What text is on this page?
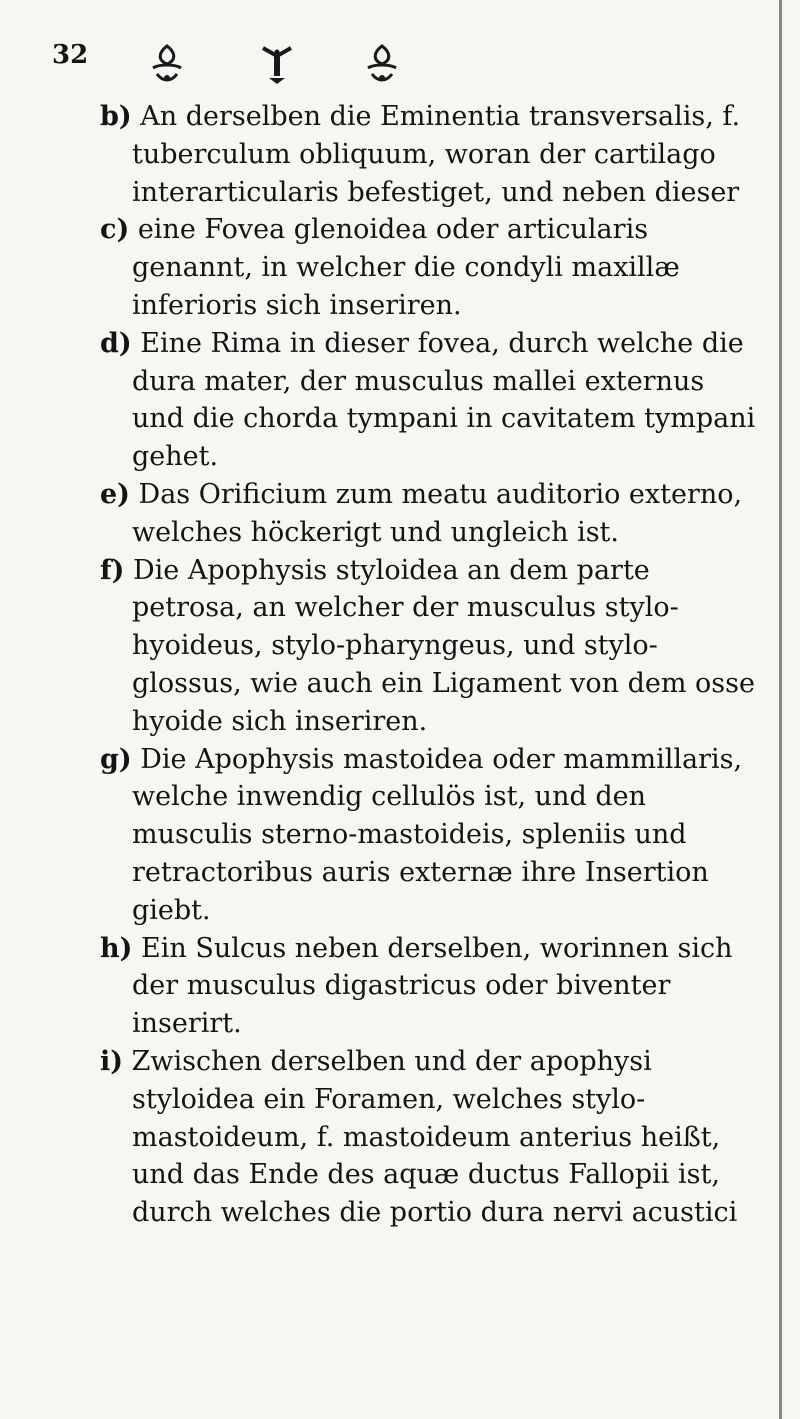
32

b) An derselben die Eminentia transversalis, f. tuberculum obliquum, woran der cartilago interarticularis befestiget, und neben dieser

c) eine Fovea glenoidea oder articularis genannt, in welcher die condyli maxillæ inferioris sich inseriren.

d) Eine Rima in dieser fovea, durch welche die dura mater, der musculus mallei externus und die chorda tympani in cavitatem tympani gehet.

e) Das Orificium zum meatu auditorio externo, welches höckerigt und ungleich ist.

f) Die Apophysis styloidea an dem parte petrosa, an welcher der musculus stylo-hyoideus, stylo-pharyngeus, und stylo-glossus, wie auch ein Ligament von dem osse hyoide sich inseriren.

g) Die Apophysis mastoidea oder mammillaris, welche inwendig cellulös ist, und den musculis sterno-mastoideis, spleniis und retractoribus auris externæ ihre Insertion giebt.

h) Ein Sulcus neben derselben, worinnen sich der musculus digastricus oder biventer inserirt.

i) Zwischen derselben und der apophysi styloidea ein Foramen, welches stylo-mastoideum, f. mastoideum anterius heißt, und das Ende des aquæ ductus Fallopii ist, durch welches die portio dura nervi acustici
